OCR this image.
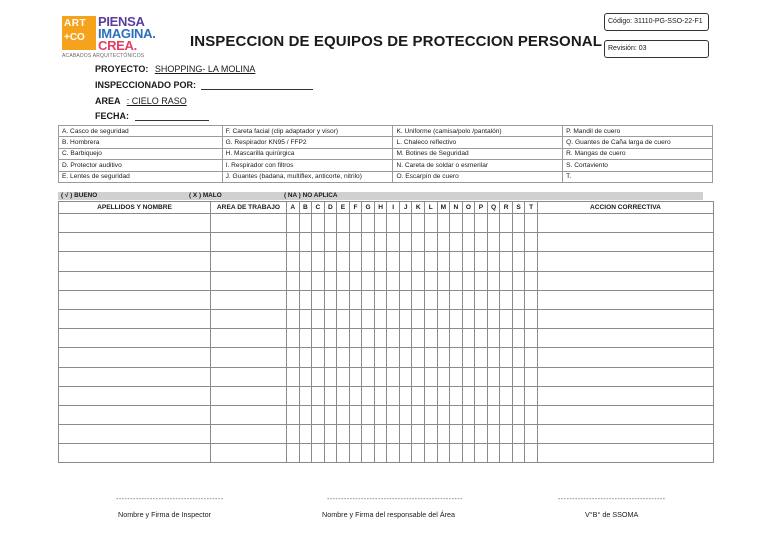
ART
+CO
PIENSA
IMAGINA.
CREA.
ACABADOS ARQUITECTÓNICOS
INSPECCION DE EQUIPOS DE PROTECCION PERSONAL
Código: 31110-PG-SSO-22-F1
Revisión: 03
PROYECTO: SHOPPING- LA MOLINA
INSPECCIONADO POR:
AREA : CIELO RASO
FECHA:
A. Casco de seguridad	F. Careta facial (clip adaptador y visor)	K. Uniforme (camisa/polo /pantalón)	P. Mandil de cuero
B. Hombrera	G. Respirador KN95 / FFP2	L. Chaleco reflectivo	Q. Guantes de Caña larga de cuero
C. Barbiquejo	H. Mascarilla quirúrgica	M. Botines de Seguridad	R. Mangas de cuero
D. Protector auditivo	I. Respirador con filtros	N. Careta de soldar o esmerilar	S. Cortaviento
E. Lentes de seguridad	J. Guantes (badana, multiflex, anticorte, nitrilo)	O. Escarpín de cuero	T.
( √ ) BUENO	( X ) MALO	( NA ) NO APLICA
APELLIDOS Y NOMBRE	AREA DE TRABAJO	A	B	C	D	E	F	G	H	I	J	K	L	M	N	O	P	Q	R	S	T	ACCION CORRECTIVA

--------------------------------------	------------------------------------------------	--------------------------------------
Nombre y Firma de Inspector	Nombre y Firma del responsable del Área	V°B° de SSOMA
